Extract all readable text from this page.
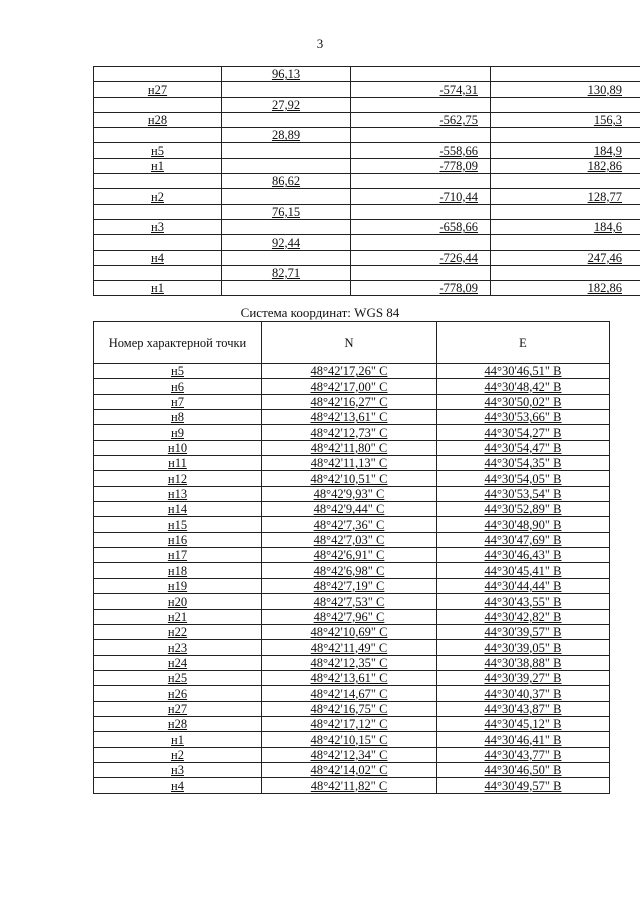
3
	96,13		
н27		-574,31	130,89
	27,92		
н28		-562,75	156,3
	28,89		
н5		-558,66	184,9
н1		-778,09	182,86
	86,62		
н2		-710,44	128,77
	76,15		
н3		-658,66	184,6
	92,44		
н4		-726,44	247,46
	82,71		
н1		-778,09	182,86
Система координат: WGS 84
Номер характерной точки	N	E
н5	48°42'17,26" С	44°30'46,51" В
н6	48°42'17,00" С	44°30'48,42" В
н7	48°42'16,27" С	44°30'50,02" В
н8	48°42'13,61" С	44°30'53,66" В
н9	48°42'12,73" С	44°30'54,27" В
н10	48°42'11,80" С	44°30'54,47" В
н11	48°42'11,13" С	44°30'54,35" В
н12	48°42'10,51" С	44°30'54,05" В
н13	48°42'9,93" С	44°30'53,54" В
н14	48°42'9,44" С	44°30'52,89" В
н15	48°42'7,36" С	44°30'48,90" В
н16	48°42'7,03" С	44°30'47,69" В
н17	48°42'6,91" С	44°30'46,43" В
н18	48°42'6,98" С	44°30'45,41" В
н19	48°42'7,19" С	44°30'44,44" В
н20	48°42'7,53" С	44°30'43,55" В
н21	48°42'7,96" С	44°30'42,82" В
н22	48°42'10,69" С	44°30'39,57" В
н23	48°42'11,49" С	44°30'39,05" В
н24	48°42'12,35" С	44°30'38,88" В
н25	48°42'13,61" С	44°30'39,27" В
н26	48°42'14,67" С	44°30'40,37" В
н27	48°42'16,75" С	44°30'43,87" В
н28	48°42'17,12" С	44°30'45,12" В
н1	48°42'10,15" С	44°30'46,41" В
н2	48°42'12,34" С	44°30'43,77" В
н3	48°42'14,02" С	44°30'46,50" В
н4	48°42'11,82" С	44°30'49,57" В
